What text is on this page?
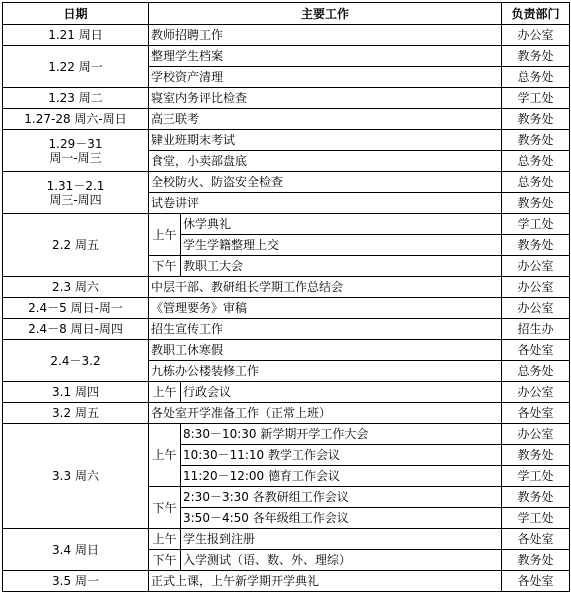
日期	主要工作		负责部门
1.21 周日	教师招聘工作		办公室
1.22 周一	整理学生档案		教务处
	学校资产清理		总务处
1.23 周二	寝室内务评比检查		学工处
1.27-28 周六-周日	高三联考		教务处

1.29－31
周一-周三	肄业班期末考试		教务处
	食堂，小卖部盘底		总务处

1.31－2.1
周三-周四	全校防火、防盗安全检查		总务处
	试卷讲评		教务处
2.2 周五	上午	休学典礼	学工处
		学生学籍整理上交	教务处
	下午	教职工大会	办公室
2.3 周六	中层干部、教研组长学期工作总结会		办公室
2.4－5 周日-周一	《管理要务》审稿		办公室
2.4－8 周日-周四	招生宣传工作		招生办
2.4－3.2	教职工休寒假		各处室
	九栋办公楼装修工作		总务处
3.1 周四	上午	行政会议	办公室
3.2 周五	各处室开学准备工作（正常上班）		各处室
3.3 周六	上午	8:30－10:30 新学期开学工作大会	办公室
		10:30－11:10 教学工作会议	教务处
		11:20－12:00 德育工作会议	学工处
	下午	2:30－3:30 各教研组工作会议	教务处
		3:50－4:50 各年级组工作会议	学工处
3.4 周日	上午	学生报到注册	各处室
	下午	入学测试（语、数、外、理综）	教务处
3.5 周一	正式上课，上午新学期开学典礼		各处室
